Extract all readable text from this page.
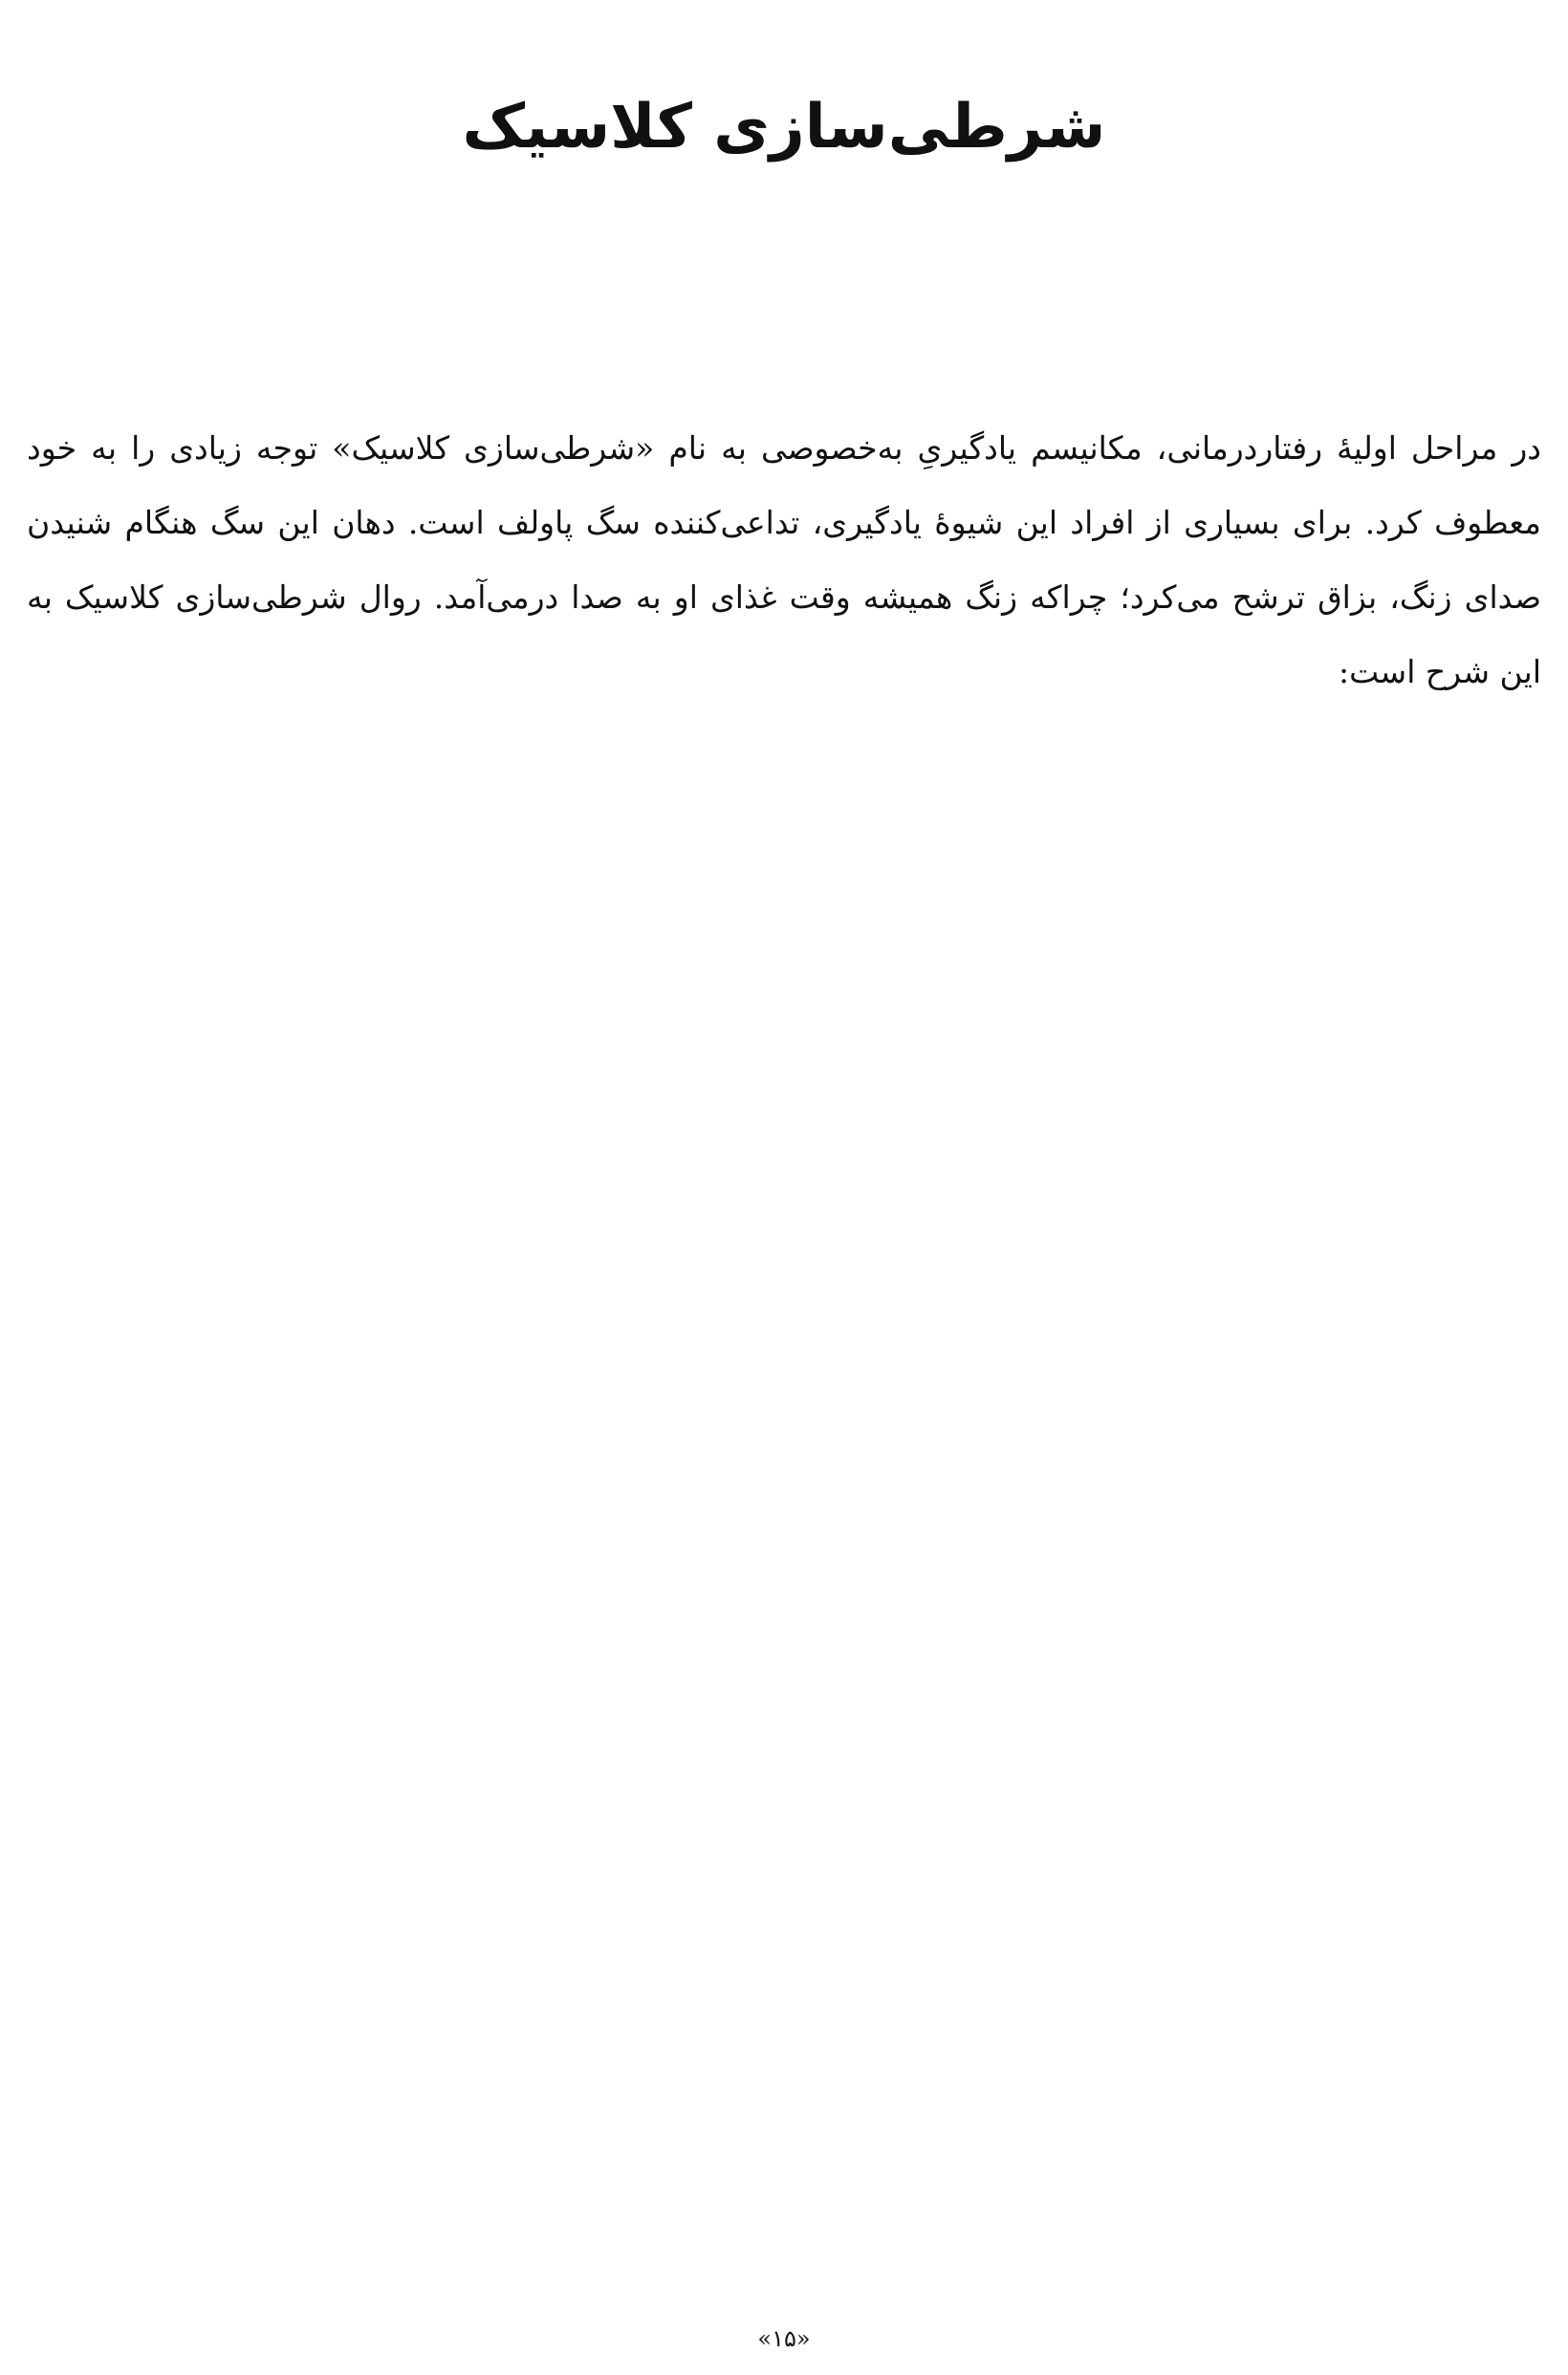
شرطی‌سازی کلاسیک

در مراحل اولیهٔ رفتاردرمانی، مکانیسم یادگیریِ به‌خصوصی به نام «شرطی‌سازی کلاسیک» توجه زیادی را به خود معطوف کرد. برای بسیاری از افراد این شیوهٔ یادگیری، تداعی‌کننده سگ پاولف است. دهان این سگ هنگام شنیدن صدای زنگ، بزاق ترشح می‌کرد؛ چراکه زنگ همیشه وقت غذای او به صدا درمی‌آمد. روال شرطی‌سازی کلاسیک به این شرح است:

«۱۵»
